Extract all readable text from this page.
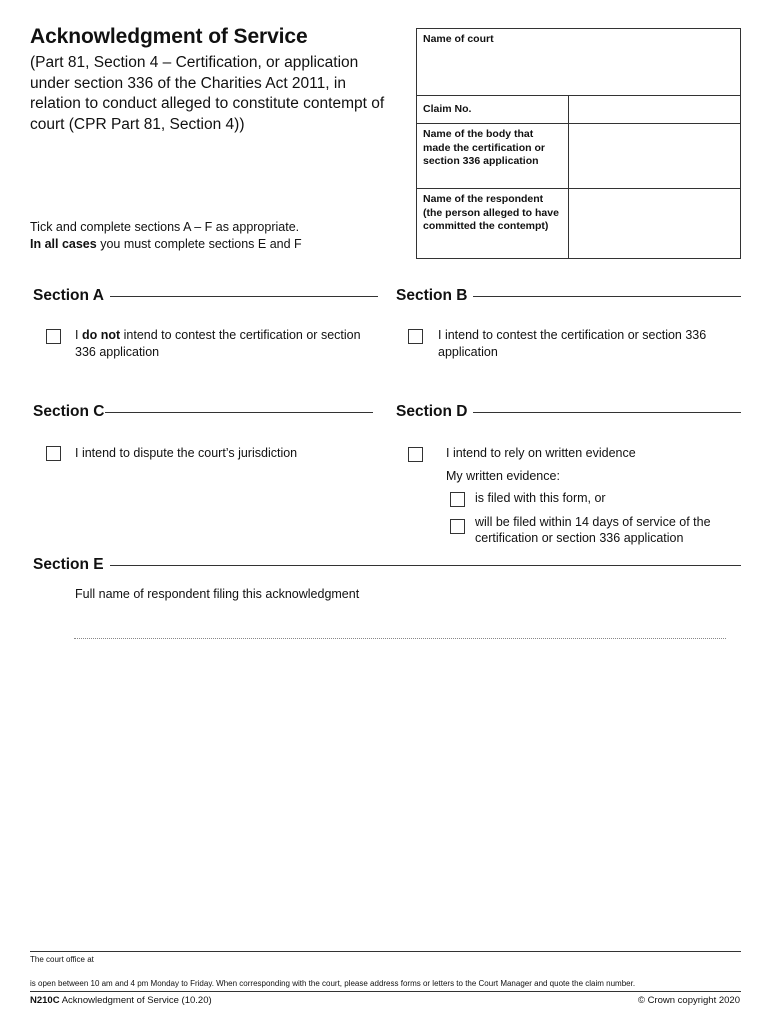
Acknowledgment of Service
(Part 81, Section 4 – Certification, or application under section 336 of the Charities Act 2011, in relation to conduct alleged to constitute contempt of court (CPR Part 81, Section 4))
Tick and complete sections A – F as appropriate.
In all cases you must complete sections E and F
Name of court
Claim No.
Name of the body that made the certification or section 336 application
Name of the respondent (the person alleged to have committed the contempt)
Section A
I do not intend to contest the certification or section 336 application
Section B
I intend to contest the certification or section 336 application
Section C
I intend to dispute the court’s jurisdiction
Section D
I intend to rely on written evidence
My written evidence:
is filed with this form, or
will be filed within 14 days of service of the certification or section 336 application
Section E
Full name of respondent filing this acknowledgment
The court office at
is open between 10 am and 4 pm Monday to Friday. When corresponding with the court, please address forms or letters to the Court Manager and quote the claim number.
N210C Acknowledgment of Service (10.20)	© Crown copyright 2020
